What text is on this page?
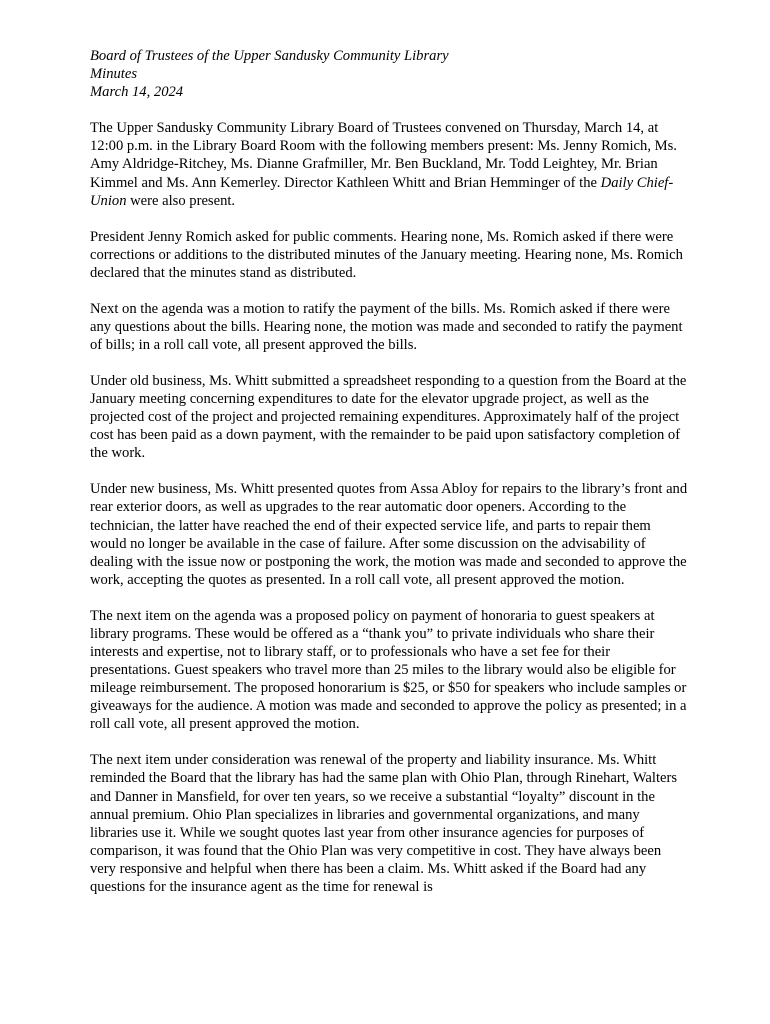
Board of Trustees of the Upper Sandusky Community Library
Minutes
March 14, 2024

The Upper Sandusky Community Library Board of Trustees convened on Thursday, March 14, at 12:00 p.m. in the Library Board Room with the following members present: Ms. Jenny Romich, Ms. Amy Aldridge-Ritchey, Ms. Dianne Grafmiller, Mr. Ben Buckland, Mr. Todd Leightey, Mr. Brian Kimmel and Ms. Ann Kemerley. Director Kathleen Whitt and Brian Hemminger of the Daily Chief-Union were also present.

President Jenny Romich asked for public comments. Hearing none, Ms. Romich asked if there were corrections or additions to the distributed minutes of the January meeting. Hearing none, Ms. Romich declared that the minutes stand as distributed.

Next on the agenda was a motion to ratify the payment of the bills. Ms. Romich asked if there were any questions about the bills. Hearing none, the motion was made and seconded to ratify the payment of bills; in a roll call vote, all present approved the bills.

Under old business, Ms. Whitt submitted a spreadsheet responding to a question from the Board at the January meeting concerning expenditures to date for the elevator upgrade project, as well as the projected cost of the project and projected remaining expenditures. Approximately half of the project cost has been paid as a down payment, with the remainder to be paid upon satisfactory completion of the work.

Under new business, Ms. Whitt presented quotes from Assa Abloy for repairs to the library’s front and rear exterior doors, as well as upgrades to the rear automatic door openers. According to the technician, the latter have reached the end of their expected service life, and parts to repair them would no longer be available in the case of failure. After some discussion on the advisability of dealing with the issue now or postponing the work, the motion was made and seconded to approve the work, accepting the quotes as presented. In a roll call vote, all present approved the motion.

The next item on the agenda was a proposed policy on payment of honoraria to guest speakers at library programs. These would be offered as a “thank you” to private individuals who share their interests and expertise, not to library staff, or to professionals who have a set fee for their presentations. Guest speakers who travel more than 25 miles to the library would also be eligible for mileage reimbursement. The proposed honorarium is $25, or $50 for speakers who include samples or giveaways for the audience. A motion was made and seconded to approve the policy as presented; in a roll call vote, all present approved the motion.

The next item under consideration was renewal of the property and liability insurance. Ms. Whitt reminded the Board that the library has had the same plan with Ohio Plan, through Rinehart, Walters and Danner in Mansfield, for over ten years, so we receive a substantial “loyalty” discount in the annual premium. Ohio Plan specializes in libraries and governmental organizations, and many libraries use it. While we sought quotes last year from other insurance agencies for purposes of comparison, it was found that the Ohio Plan was very competitive in cost. They have always been very responsive and helpful when there has been a claim. Ms. Whitt asked if the Board had any questions for the insurance agent as the time for renewal is
